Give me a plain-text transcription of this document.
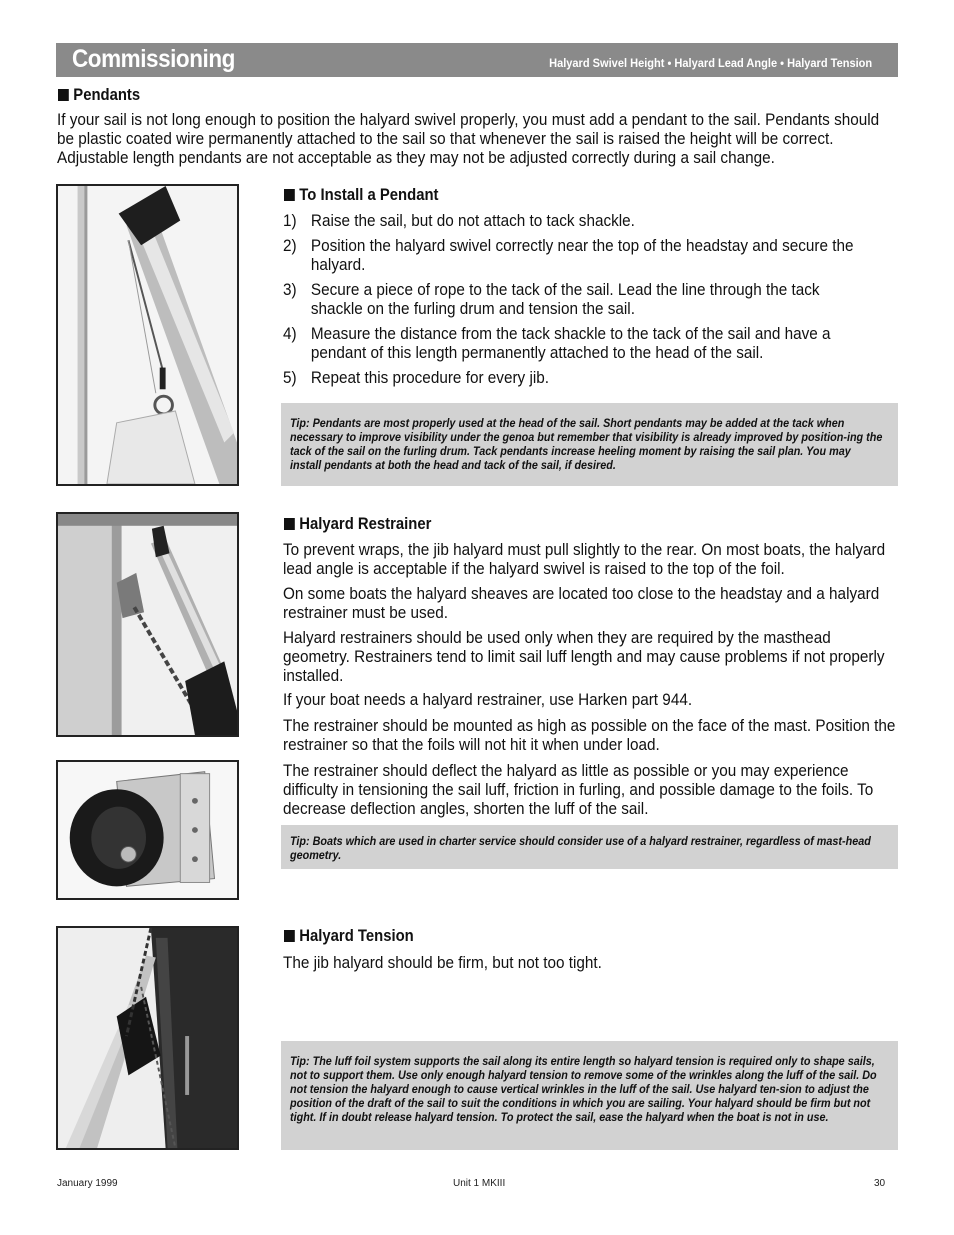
Commissioning	Halyard Swivel Height • Halyard Lead Angle • Halyard Tension
Pendants

If your sail is not long enough to position the halyard swivel properly, you must add a pendant to the sail. Pendants should be plastic coated wire permanently attached to the sail so that whenever the sail is raised the height will be correct. Adjustable length pendants are not acceptable as they may not be adjusted correctly during a sail change.

To Install a Pendant
1) Raise the sail, but do not attach to tack shackle.
2) Position the halyard swivel correctly near the top of the headstay and secure the halyard.
3) Secure a piece of rope to the tack of the sail. Lead the line through the tack shackle on the furling drum and tension the sail.
4) Measure the distance from the tack shackle to the tack of the sail and have a pendant of this length permanently attached to the head of the sail.
5) Repeat this procedure for every jib.

Tip: Pendants are most properly used at the head of the sail. Short pendants may be added at the tack when necessary to improve visibility under the genoa but remember that visibility is already improved by position-ing the tack of the sail on the furling drum. Tack pendants increase heeling moment by raising the sail plan. You may install pendants at both the head and tack of the sail, if desired.

Halyard Restrainer

To prevent wraps, the jib halyard must pull slightly to the rear. On most boats, the halyard lead angle is acceptable if the halyard swivel is raised to the top of the foil.

On some boats the halyard sheaves are located too close to the headstay and a halyard restrainer must be used.

Halyard restrainers should be used only when they are required by the masthead geometry. Restrainers tend to limit sail luff length and may cause problems if not properly installed.

If your boat needs a halyard restrainer, use Harken part 944.

The restrainer should be mounted as high as possible on the face of the mast. Position the restrainer so that the foils will not hit it when under load.

The restrainer should deflect the halyard as little as possible or you may experience difficulty in tensioning the sail luff, friction in furling, and possible damage to the foils. To decrease deflection angles, shorten the luff of the sail.

Tip: Boats which are used in charter service should consider use of a halyard restrainer, regardless of mast-head geometry.

Halyard Tension

The jib halyard should be firm, but not too tight.

Tip: The luff foil system supports the sail along its entire length so halyard tension is required only to shape sails, not to support them. Use only enough halyard tension to remove some of the wrinkles along the luff of the sail. Do not tension the halyard enough to cause vertical wrinkles in the luff of the sail. Use halyard ten-sion to adjust the position of the draft of the sail to suit the conditions in which you are sailing. Your halyard should be firm but not tight. If in doubt release halyard tension. To protect the sail, ease the halyard when the boat is not in use.

January 1999	Unit 1 MKIII	30
